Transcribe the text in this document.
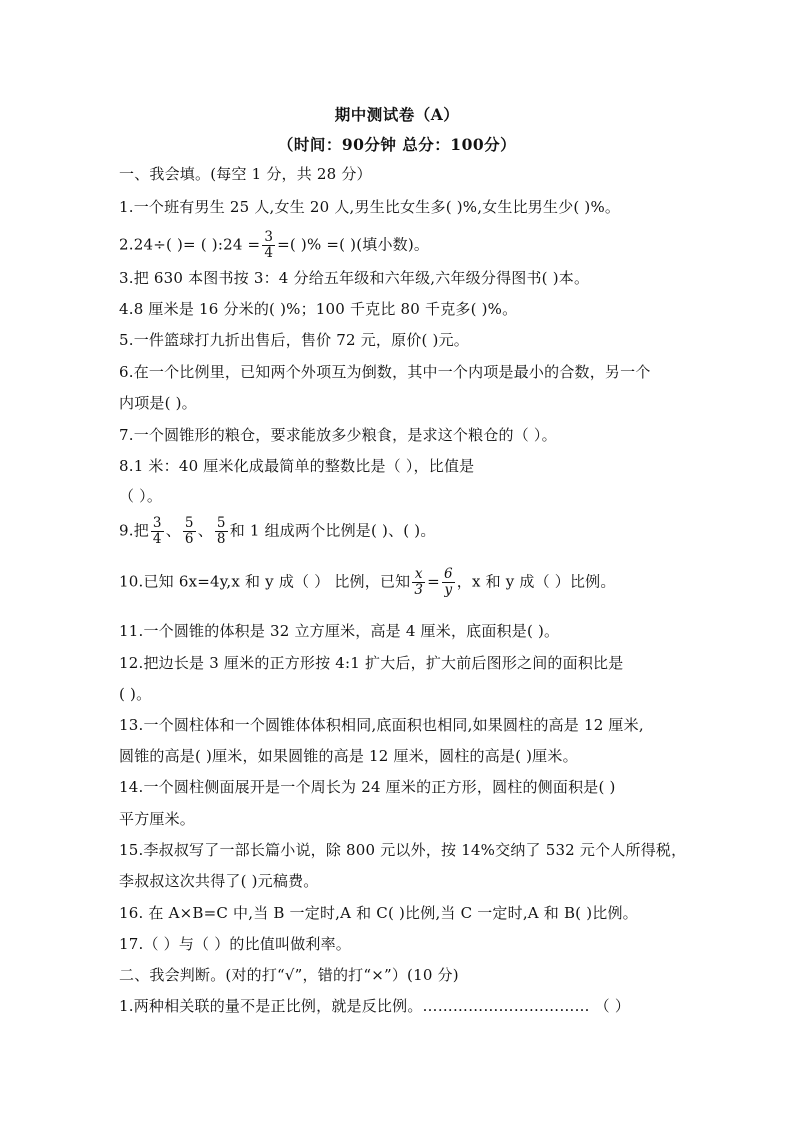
期中测试卷（A）
（时间：90分钟 总分：100分）
一、我会填。(每空 1 分，共 28 分）
1.一个班有男生 25 人,女生 20 人,男生比女生多( )%,女生比男生少( )%。
2.24÷( )= ( ):24 = $\frac{3}{4}$ =( )% =( )(填小数)。
3.把 630 本图书按 3：4 分给五年级和六年级,六年级分得图书( )本。
4.8 厘米是 16 分米的( )%；100 千克比 80 千克多( )%。
5.一件篮球打九折出售后，售价 72 元，原价( )元。
6.在一个比例里，已知两个外项互为倒数，其中一个内项是最小的合数，另一个
内项是( )。
7.一个圆锥形的粮仓，要求能放多少粮食，是求这个粮仓的（ ）。
8.1 米：40 厘米化成最简单的整数比是（ ），比值是
（ ）。
9.把 $\frac{3}{4}$ 、 $\frac{5}{6}$ 、 $\frac{5}{8}$ 和 1 组成两个比例是( )、( )。
10.已知 6x=4y,x 和 y 成（ ） 比例，已知 $\frac{x}{3} = \frac{6}{y}$ ，x 和 y 成（ ）比例。
11.一个圆锥的体积是 32 立方厘米，高是 4 厘米，底面积是( )。
12.把边长是 3 厘米的正方形按 4:1 扩大后，扩大前后图形之间的面积比是
( )。
13.一个圆柱体和一个圆锥体体积相同,底面积也相同,如果圆柱的高是 12 厘米,
圆锥的高是( )厘米，如果圆锥的高是 12 厘米，圆柱的高是( )厘米。
14.一个圆柱侧面展开是一个周长为 24 厘米的正方形，圆柱的侧面积是( )
平方厘米。
15.李叔叔写了一部长篇小说，除 800 元以外，按 14%交纳了 532 元个人所得税，
李叔叔这次共得了( )元稿费。
16. 在 A×B=C 中,当 B 一定时,A 和 C( )比例,当 C 一定时,A 和 B( )比例。
17.（ ）与（ ）的比值叫做利率。
二、我会判断。(对的打“√”，错的打“×”）(10 分)
1.两种相关联的量不是正比例，就是反比例。…………………………… （ ）
